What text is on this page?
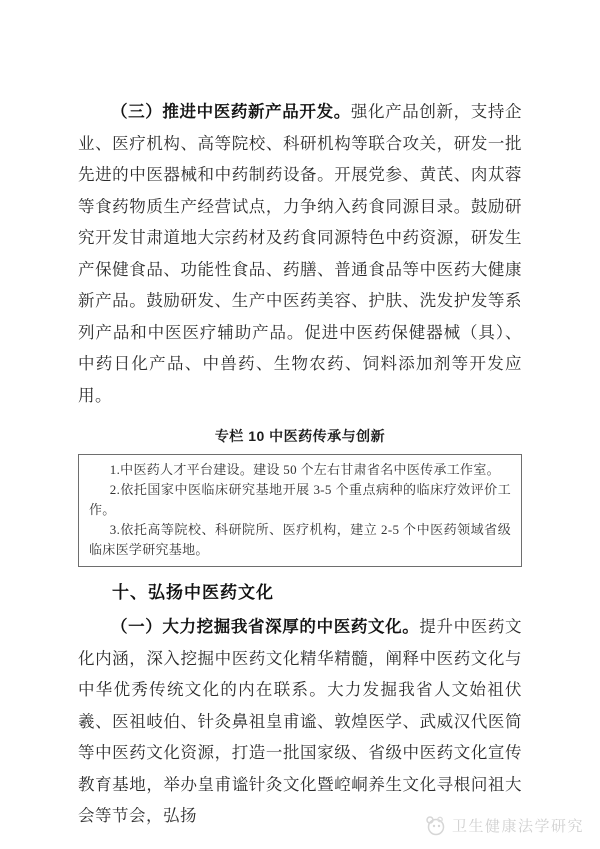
（三）推进中医药新产品开发。强化产品创新，支持企业、医疗机构、高等院校、科研机构等联合攻关，研发一批先进的中医器械和中药制药设备。开展党参、黄芪、肉苁蓉等食药物质生产经营试点，力争纳入药食同源目录。鼓励研究开发甘肃道地大宗药材及药食同源特色中药资源，研发生产保健食品、功能性食品、药膳、普通食品等中医药大健康新产品。鼓励研发、生产中医药美容、护肤、洗发护发等系列产品和中医医疗辅助产品。促进中医药保健器械（具）、中药日化产品、中兽药、生物农药、饲料添加剂等开发应用。

专栏 10 中医药传承与创新

1.中医药人才平台建设。建设 50 个左右甘肃省名中医传承工作室。

2.依托国家中医临床研究基地开展 3-5 个重点病种的临床疗效评价工作。

3.依托高等院校、科研院所、医疗机构，建立 2-5 个中医药领域省级临床医学研究基地。

十、弘扬中医药文化

（一）大力挖掘我省深厚的中医药文化。提升中医药文化内涵，深入挖掘中医药文化精华精髓，阐释中医药文化与中华优秀传统文化的内在联系。大力发掘我省人文始祖伏羲、医祖岐伯、针灸鼻祖皇甫谧、敦煌医学、武威汉代医简等中医药文化资源，打造一批国家级、省级中医药文化宣传教育基地，举办皇甫谧针灸文化暨崆峒养生文化寻根问祖大会等节会，弘扬

卫生健康法学研究
